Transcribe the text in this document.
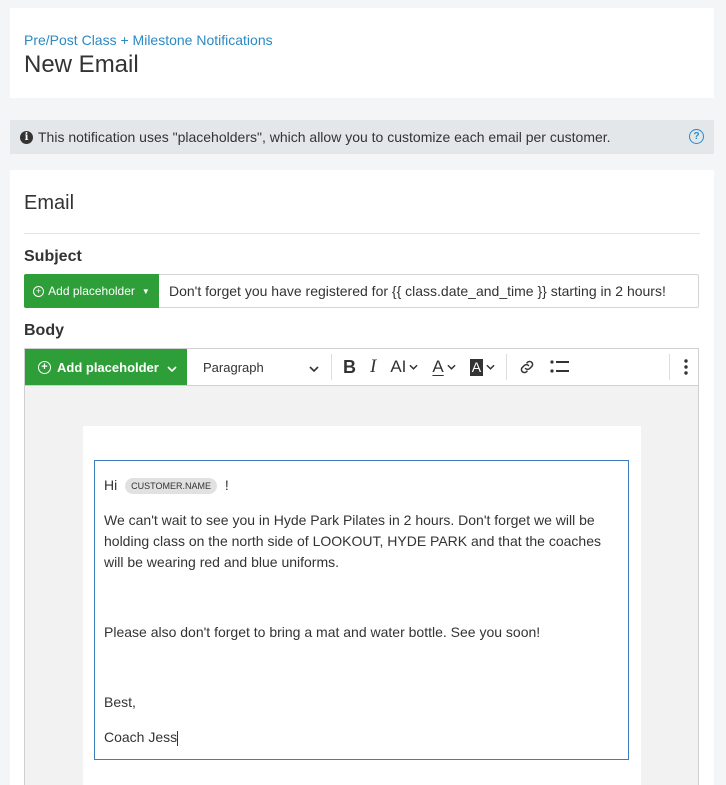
Pre/Post Class + Milestone Notifications
New Email
i This notification uses "placeholders", which allow you to customize each email per customer.	?
Email
Subject
+ Add placeholder ▼	Don't forget you have registered for {{ class.date_and_time }} starting in 2 hours!
Body
+ Add placeholder	Paragraph	B I AI A A

Hi CUSTOMER.NAME !

We can't wait to see you in Hyde Park Pilates in 2 hours. Don't forget we will be holding class on the north side of LOOKOUT, HYDE PARK and that the coaches will be wearing red and blue uniforms.

Please also don't forget to bring a mat and water bottle. See you soon!

Best,

Coach Jess
